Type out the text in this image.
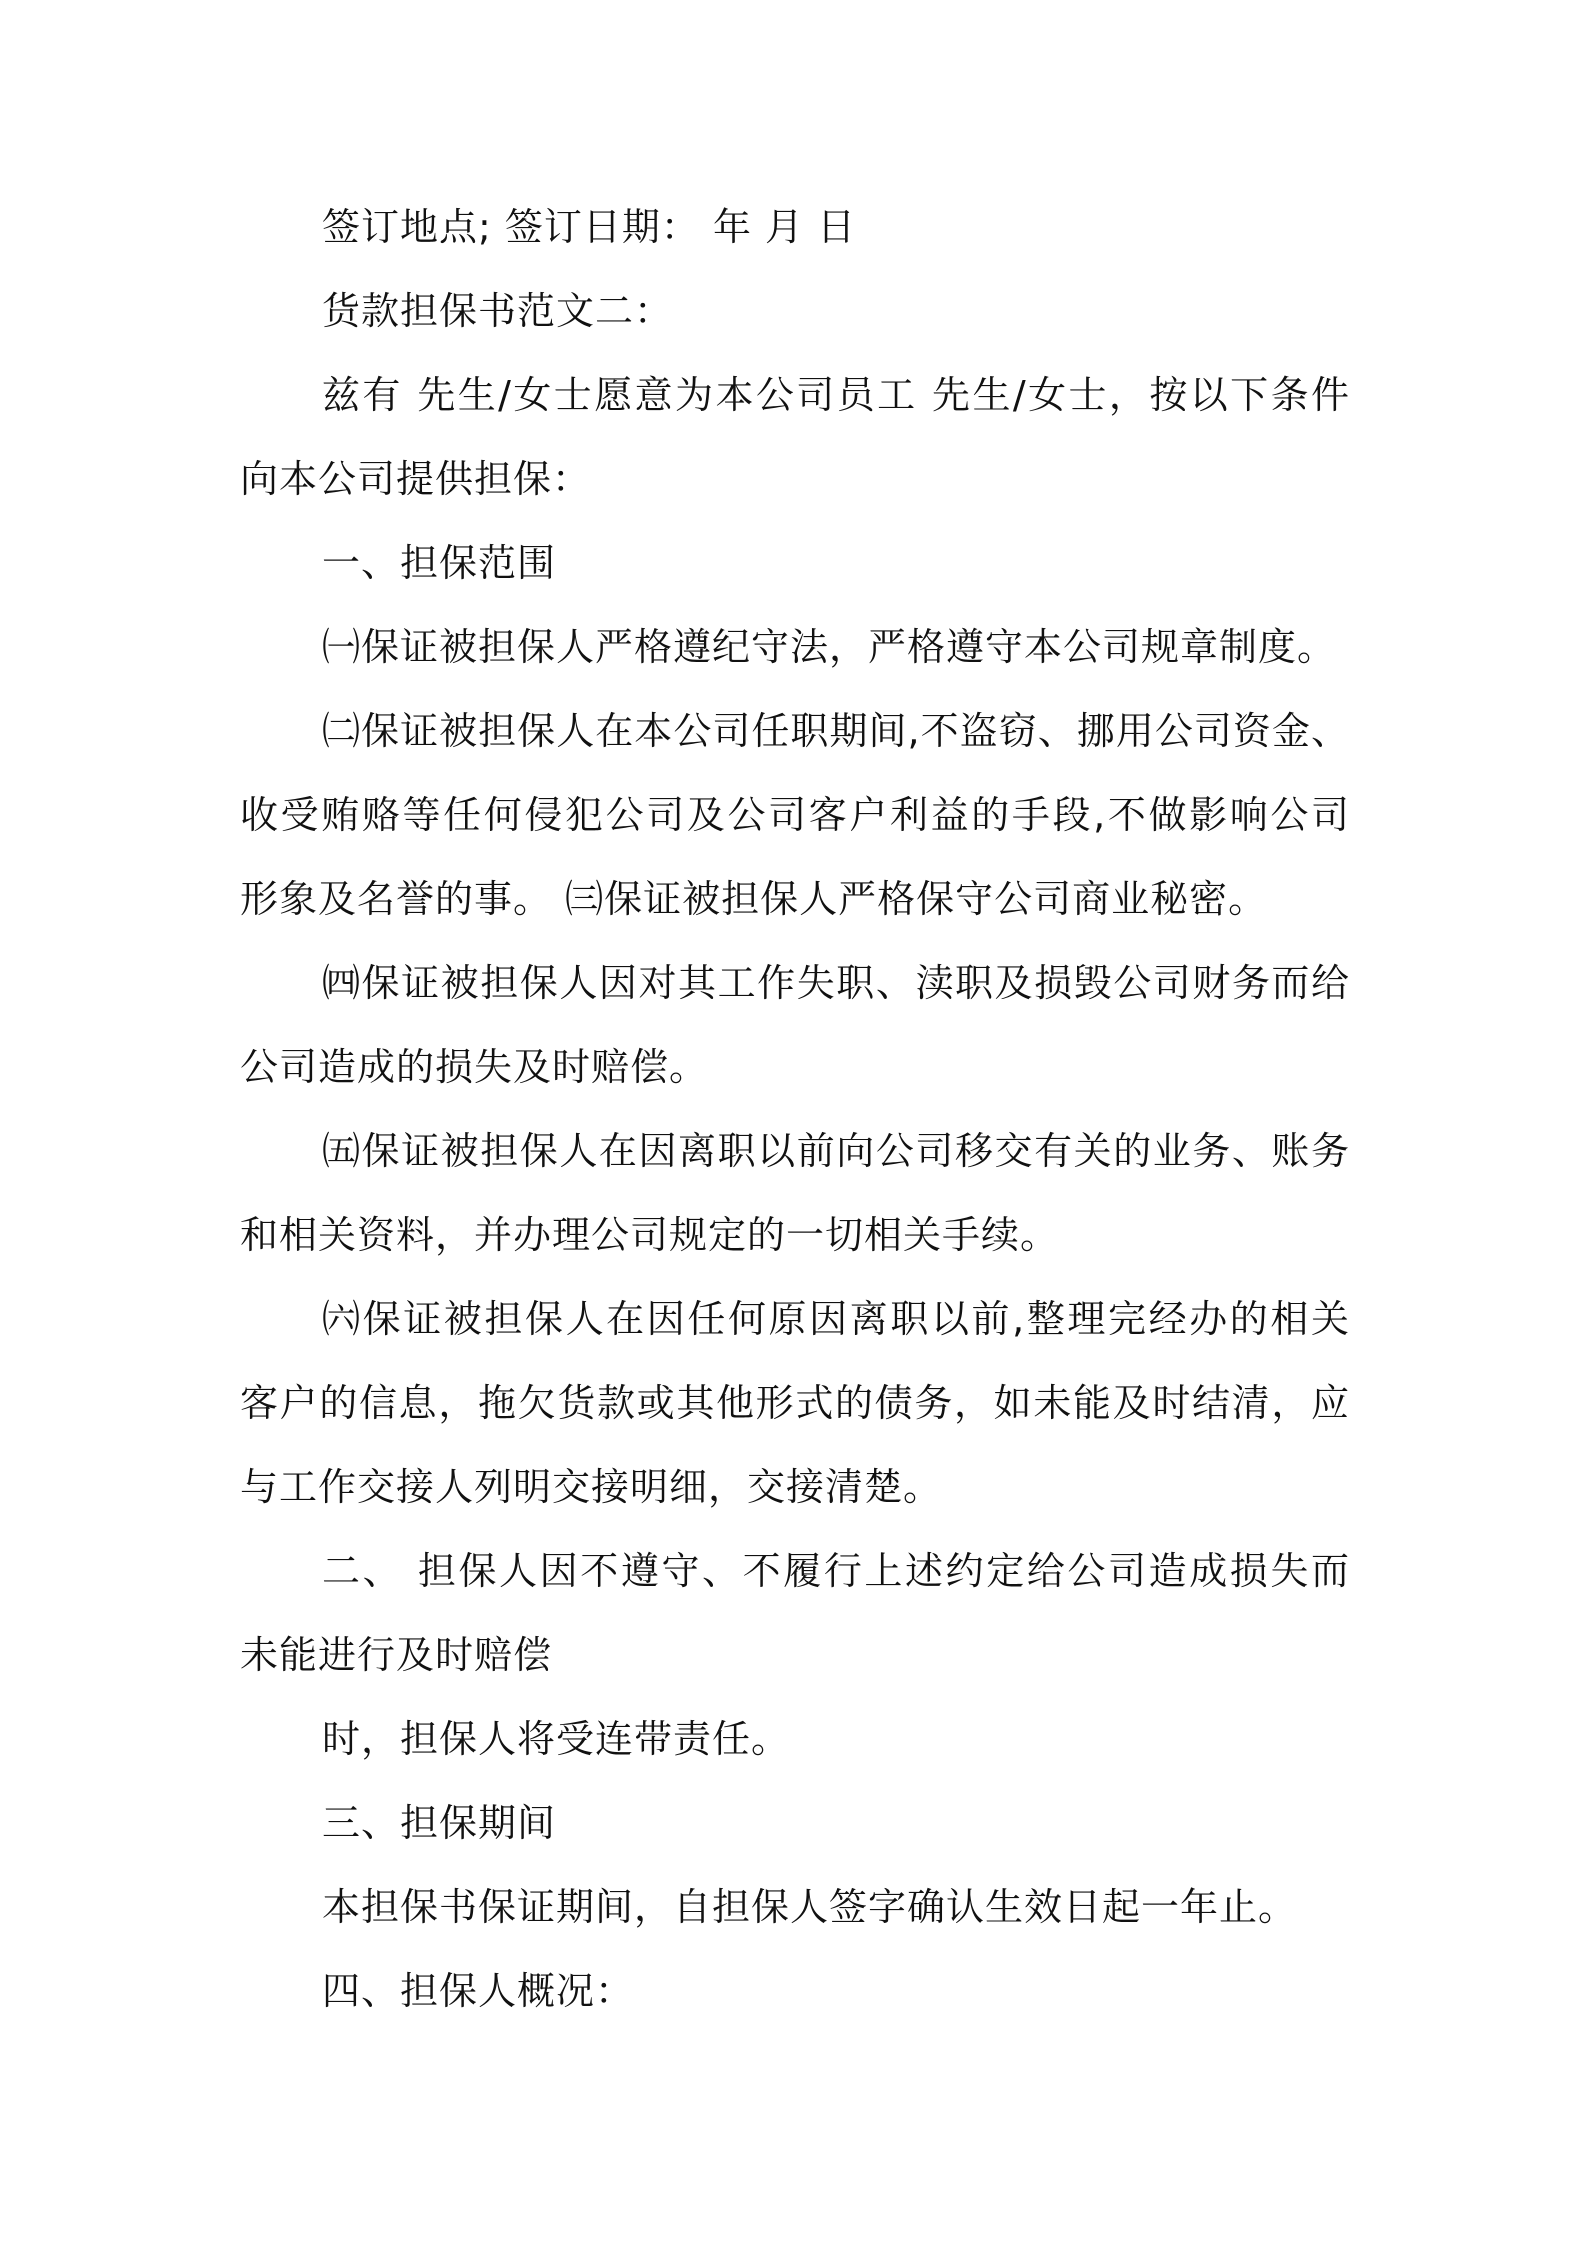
签订地点; 签订日期： 年 月 日
货款担保书范文二：
兹有 先生/女士愿意为本公司员工 先生/女士，按以下条件
向本公司提供担保：
一、担保范围
㈠保证被担保人严格遵纪守法，严格遵守本公司规章制度。
㈡保证被担保人在本公司任职期间,不盗窃、挪用公司资金、
收受贿赂等任何侵犯公司及公司客户利益的手段,不做影响公司
形象及名誉的事。 ㈢保证被担保人严格保守公司商业秘密。
㈣保证被担保人因对其工作失职、渎职及损毁公司财务而给
公司造成的损失及时赔偿。
㈤保证被担保人在因离职以前向公司移交有关的业务、账务
和相关资料，并办理公司规定的一切相关手续。
㈥保证被担保人在因任何原因离职以前,整理完经办的相关
客户的信息，拖欠货款或其他形式的债务，如未能及时结清，应
与工作交接人列明交接明细，交接清楚。
二、 担保人因不遵守、不履行上述约定给公司造成损失而
未能进行及时赔偿
时，担保人将受连带责任。
三、担保期间
本担保书保证期间，自担保人签字确认生效日起一年止。
四、担保人概况：
